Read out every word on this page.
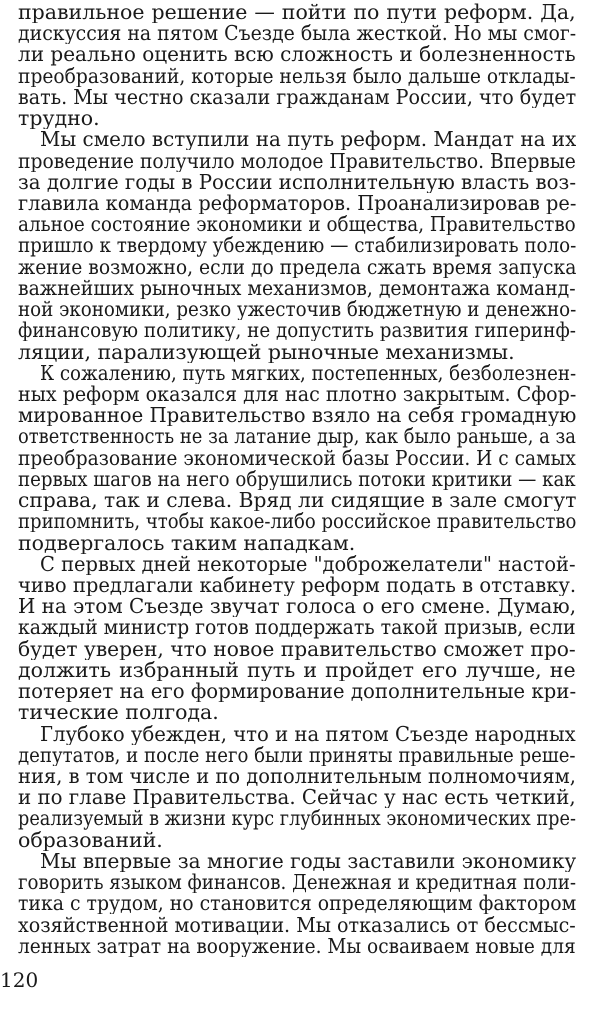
правильное решение — пойти по пути реформ. Да,
дискуссия на пятом Съезде была жесткой. Но мы смог-
ли реально оценить всю сложность и болезненность
преобразований, которые нельзя было дальше отклады-
вать. Мы честно сказали гражданам России, что будет
трудно.
Мы смело вступили на путь реформ. Мандат на их
проведение получило молодое Правительство. Впервые
за долгие годы в России исполнительную власть воз-
главила команда реформаторов. Проанализировав ре-
альное состояние экономики и общества, Правительство
пришло к твердому убеждению — стабилизировать поло-
жение возможно, если до предела сжать время запуска
важнейших рыночных механизмов, демонтажа команд-
ной экономики, резко ужесточив бюджетную и денежно-
финансовую политику, не допустить развития гиперинф-
ляции, парализующей рыночные механизмы.
К сожалению, путь мягких, постепенных, безболезнен-
ных реформ оказался для нас плотно закрытым. Сфор-
мированное Правительство взяло на себя громадную
ответственность не за латание дыр, как было раньше, а за
преобразование экономической базы России. И с самых
первых шагов на него обрушились потоки критики — как
справа, так и слева. Вряд ли сидящие в зале смогут
припомнить, чтобы какое-либо российское правительство
подвергалось таким нападкам.
С первых дней некоторые "доброжелатели" настой-
чиво предлагали кабинету реформ подать в отставку.
И на этом Съезде звучат голоса о его смене. Думаю,
каждый министр готов поддержать такой призыв, если
будет уверен, что новое правительство сможет про-
должить избранный путь и пройдет его лучше, не
потеряет на его формирование дополнительные кри-
тические полгода.
Глубоко убежден, что и на пятом Съезде народных
депутатов, и после него были приняты правильные реше-
ния, в том числе и по дополнительным полномочиям,
и по главе Правительства. Сейчас у нас есть четкий,
реализуемый в жизни курс глубинных экономических пре-
образований.
Мы впервые за многие годы заставили экономику
говорить языком финансов. Денежная и кредитная поли-
тика с трудом, но становится определяющим фактором
хозяйственной мотивации. Мы отказались от бессмыс-
ленных затрат на вооружение. Мы осваиваем новые для
120
